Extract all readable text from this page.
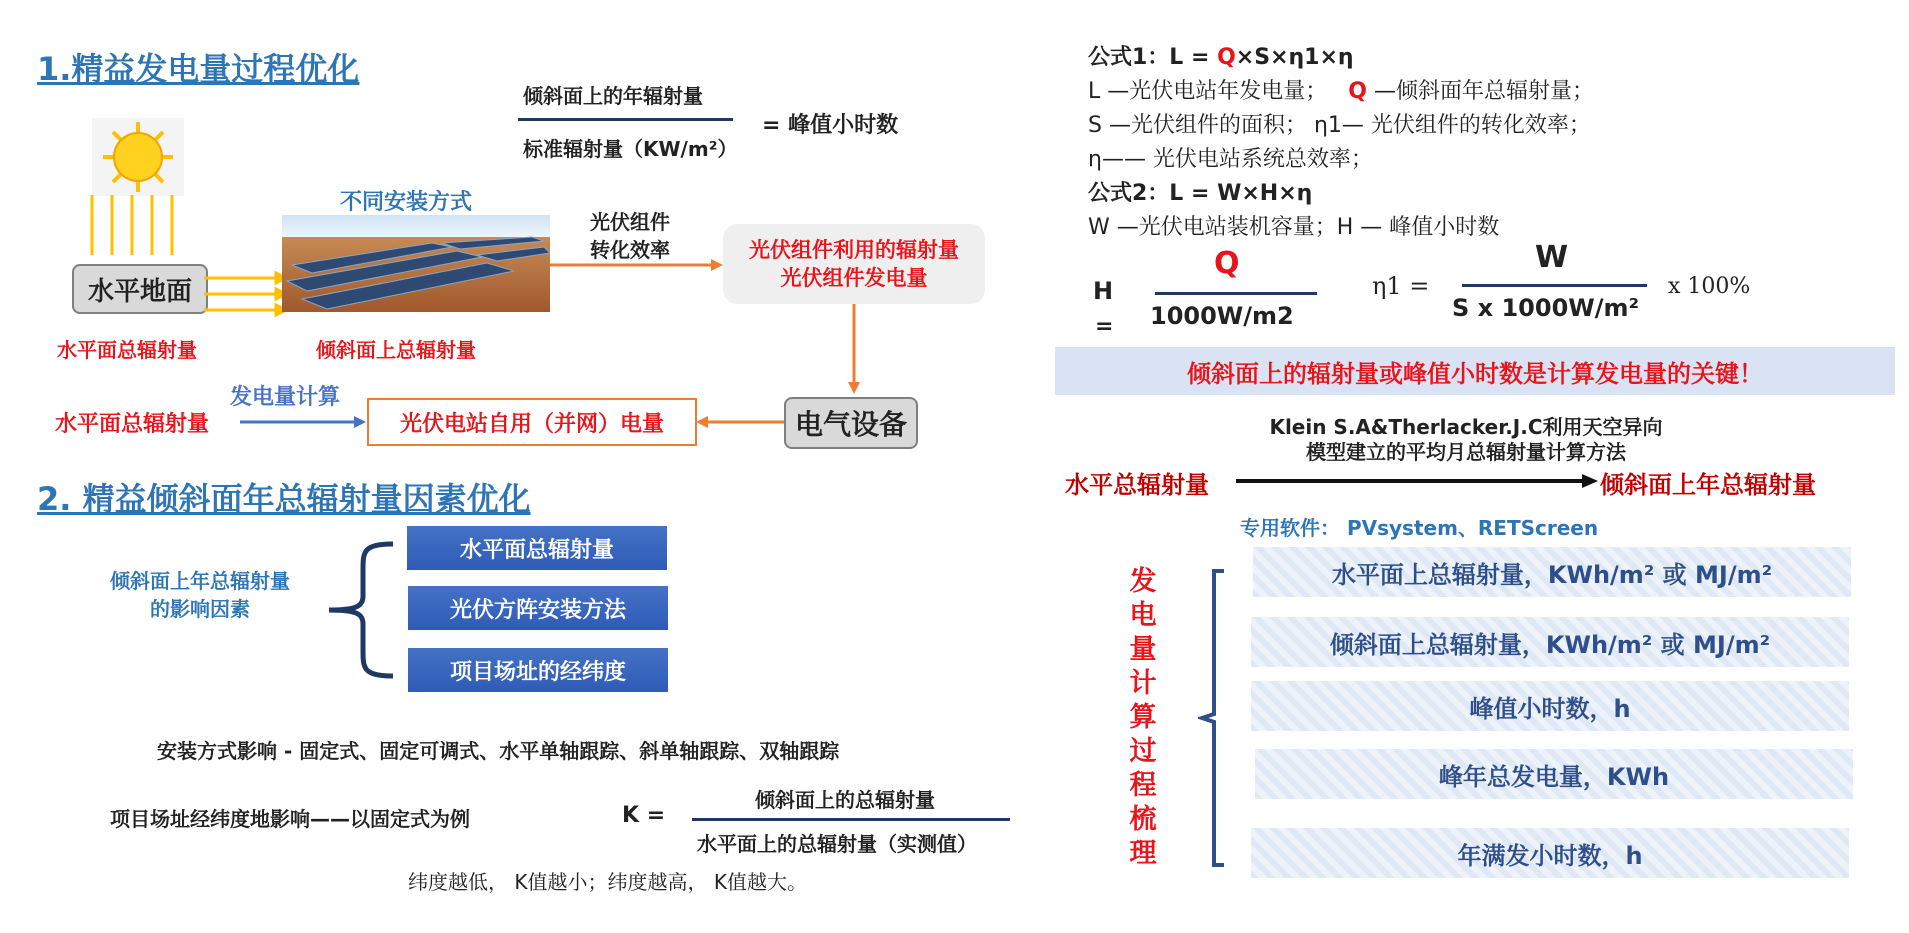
1.精益发电量过程优化
倾斜面上的年辐射量
标准辐射量（KW/m²）
= 峰值小时数
水平地面
不同安装方式
光伏组件
转化效率	光伏组件利用的辐射量
光伏组件发电量
水平面总辐射量	倾斜面上总辐射量
水平面总辐射量
发电量计算
光伏电站自用（并网）电量	电气设备
2. 精益倾斜面年总辐射量因素优化
倾斜面上年总辐射量
的影响因素
水平面总辐射量
光伏方阵安装方法
项目场址的经纬度
安装方式影响 - 固定式、固定可调式、水平单轴跟踪、斜单轴跟踪、双轴跟踪
项目场址经纬度地影响——以固定式为例	K =
倾斜面上的总辐射量
水平面上的总辐射量（实测值）
纬度越低， K值越小；纬度越高， K值越大。
公式1：L = Q×S×η1×η
L —光伏电站年发电量； Q —倾斜面年总辐射量；
S —光伏组件的面积； η1— 光伏组件的转化效率；
η—— 光伏电站系统总效率；
公式2：L = W×H×η
W —光伏电站装机容量；H — 峰值小时数
H
=
Q
1000W/m2
η1 =
W
S x 1000W/m²
x 100%
倾斜面上的辐射量或峰值小时数是计算发电量的关键！
Klein S.A&Therlacker.J.C利用天空异向
模型建立的平均月总辐射量计算方法
水平总辐射量	倾斜面上年总辐射量
专用软件： PVsystem、RETScreen
发
电
量
计
算
过
程
梳
理
水平面上总辐射量，KWh/m² 或 MJ/m²
倾斜面上总辐射量，KWh/m² 或 MJ/m²
峰值小时数，h
峰年总发电量，KWh
年满发小时数，h
